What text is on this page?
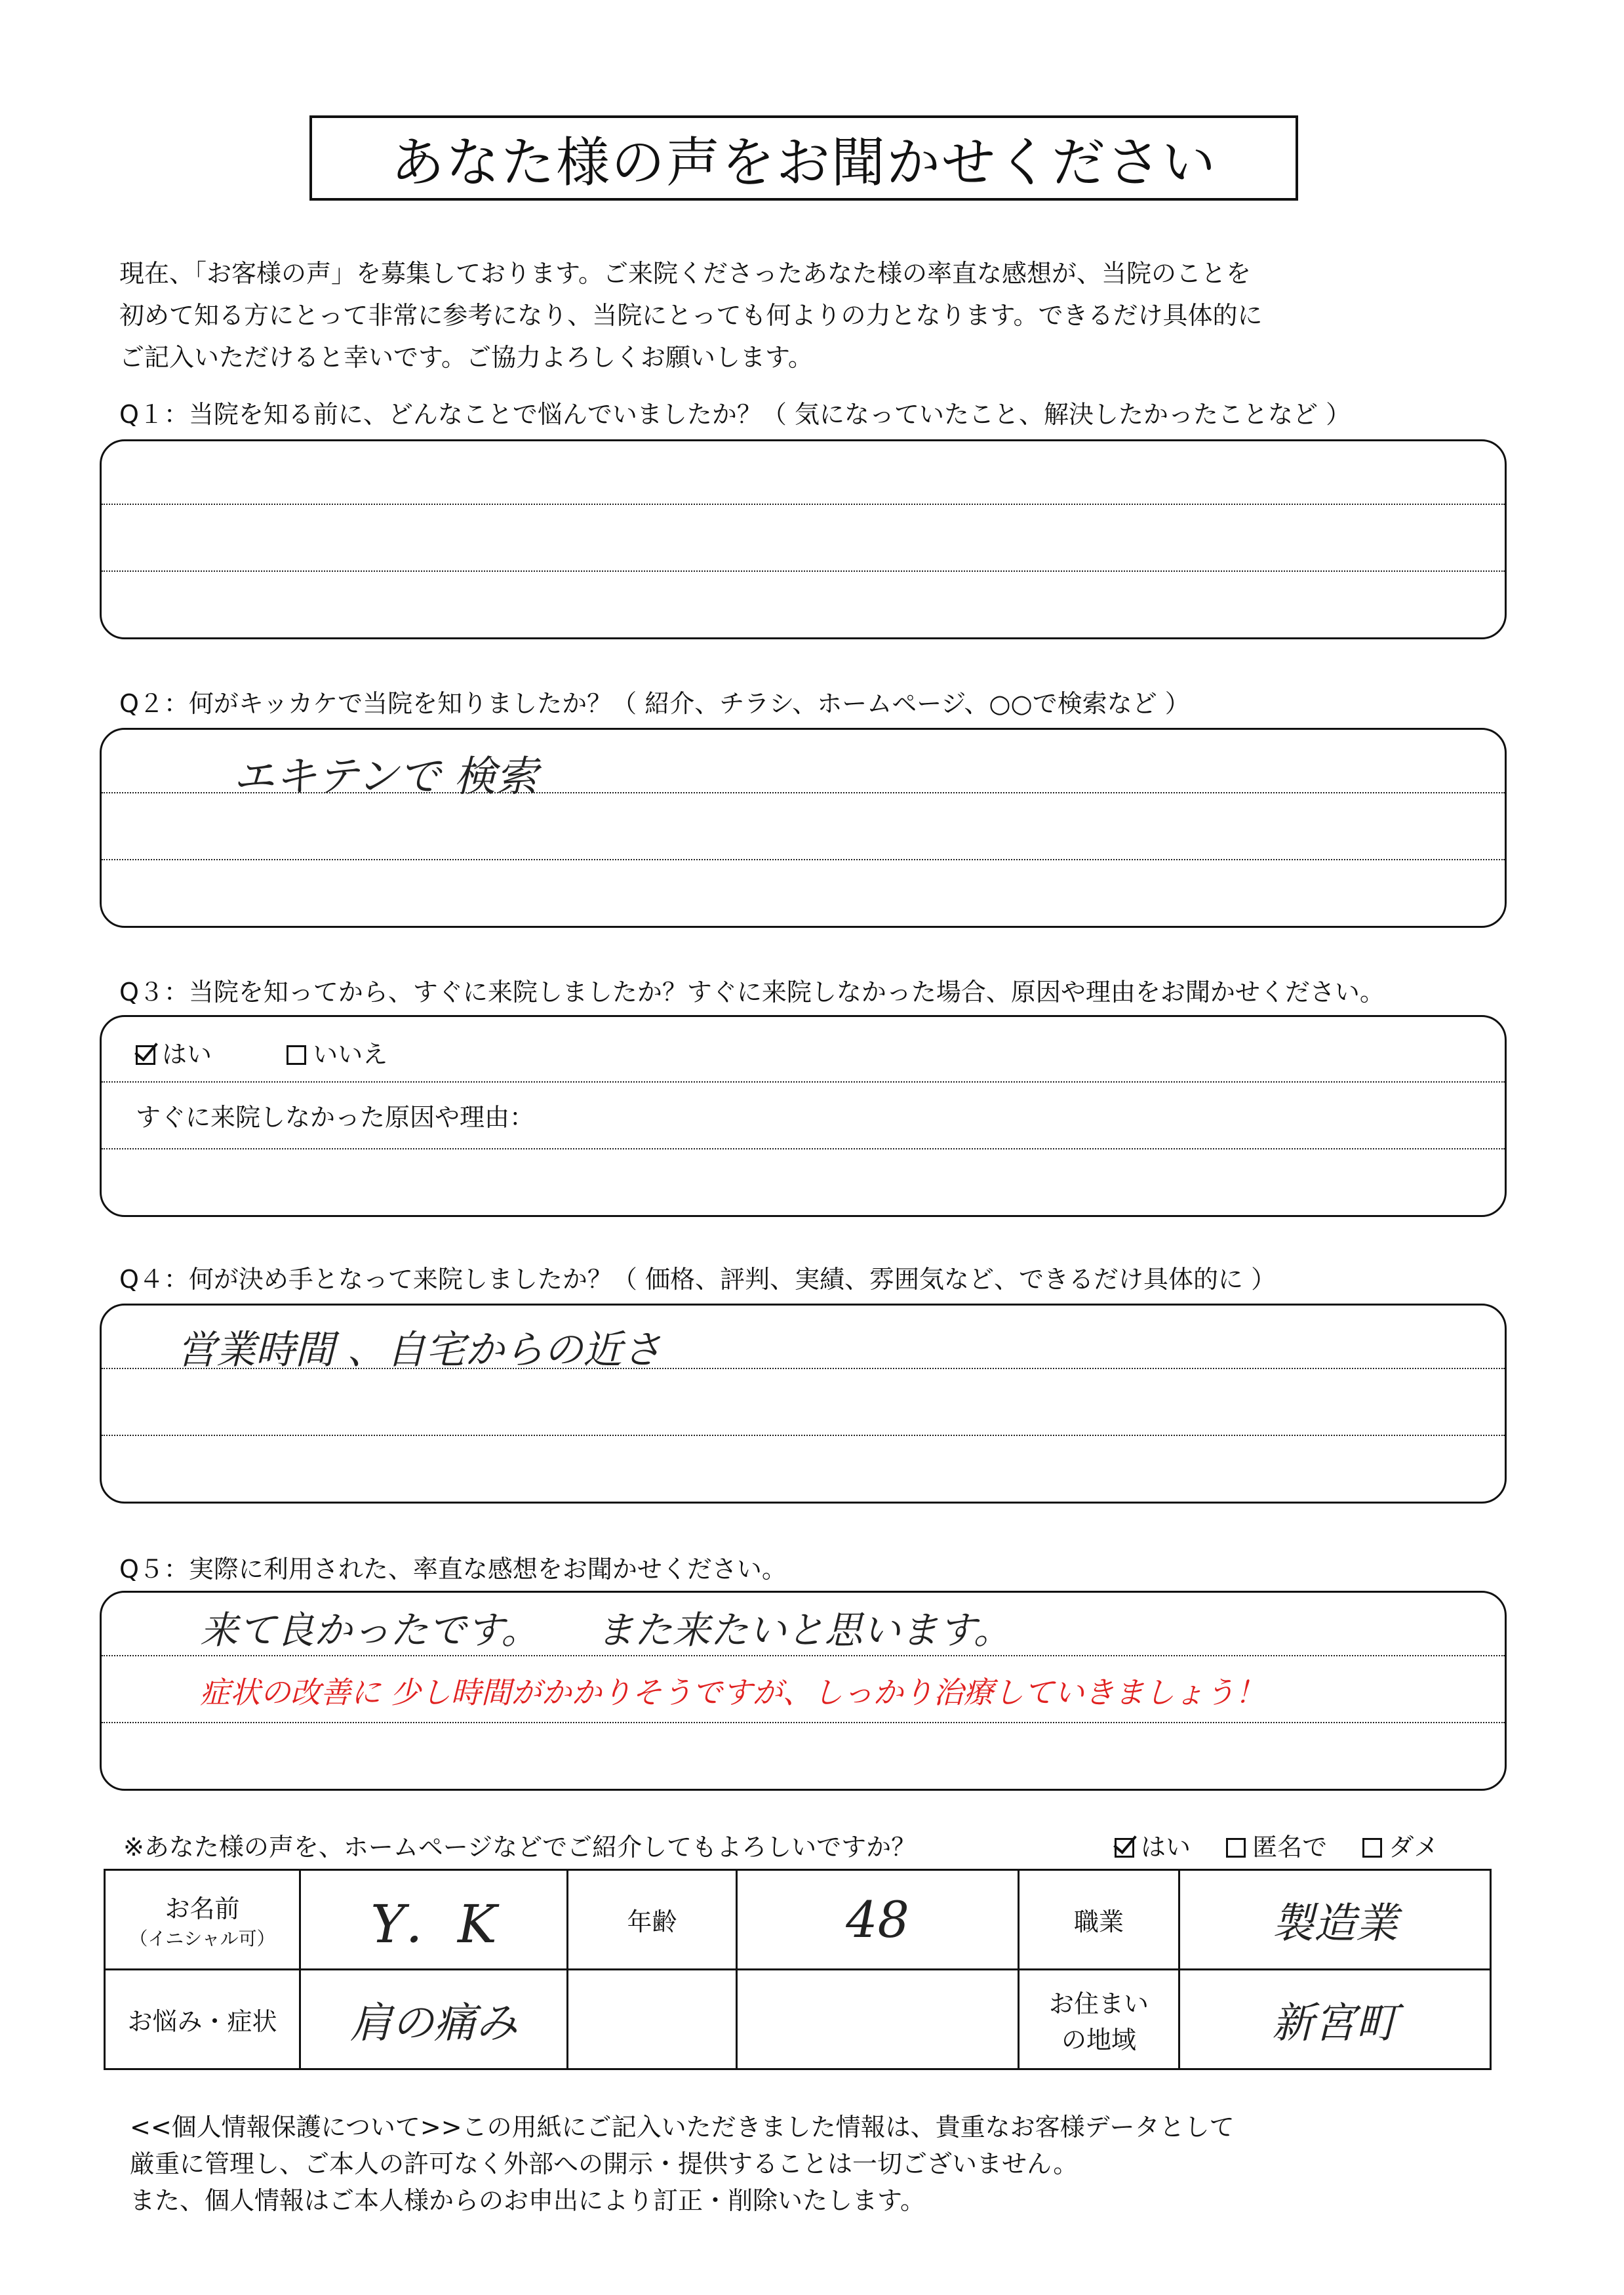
あなた様の声をお聞かせください
現在、「お客様の声」を募集しております。ご来院くださったあなた様の率直な感想が、当院のことを
初めて知る方にとって非常に参考になり、当院にとっても何よりの力となります。できるだけ具体的に
ご記入いただけると幸いです。ご協力よろしくお願いします。
Q１：当院を知る前に、どんなことで悩んでいましたか？（ 気になっていたこと、解決したかったことなど ）
Q２：何がキッカケで当院を知りましたか？（ 紹介、チラシ、ホームページ、○○で検索など ）
エキテンで 検索
Q３：当院を知ってから、すぐに来院しましたか？すぐに来院しなかった場合、原因や理由をお聞かせください。
はい	いいえ
すぐに来院しなかった原因や理由：
Q４：何が決め手となって来院しましたか？（ 価格、評判、実績、雰囲気など、できるだけ具体的に ）
営業時間 、自宅からの近さ
Q５：実際に利用された、率直な感想をお聞かせください。
来て良かったです。　　また来たいと思います。
症状の改善に 少し時間がかかりそうですが、しっかり治療していきましょう！
※あなた様の声を、ホームページなどでご紹介してもよろしいですか？	はい 匿名で ダメ
お名前
（イニシャル可）	Y．K	年齢	48	職業	製造業
お悩み・症状	肩の痛み			お住まい
の地域	新宮町
<<個人情報保護について>>この用紙にご記入いただきました情報は、貴重なお客様データとして
厳重に管理し、ご本人の許可なく外部への開示・提供することは一切ございません。
また、個人情報はご本人様からのお申出により訂正・削除いたします。
